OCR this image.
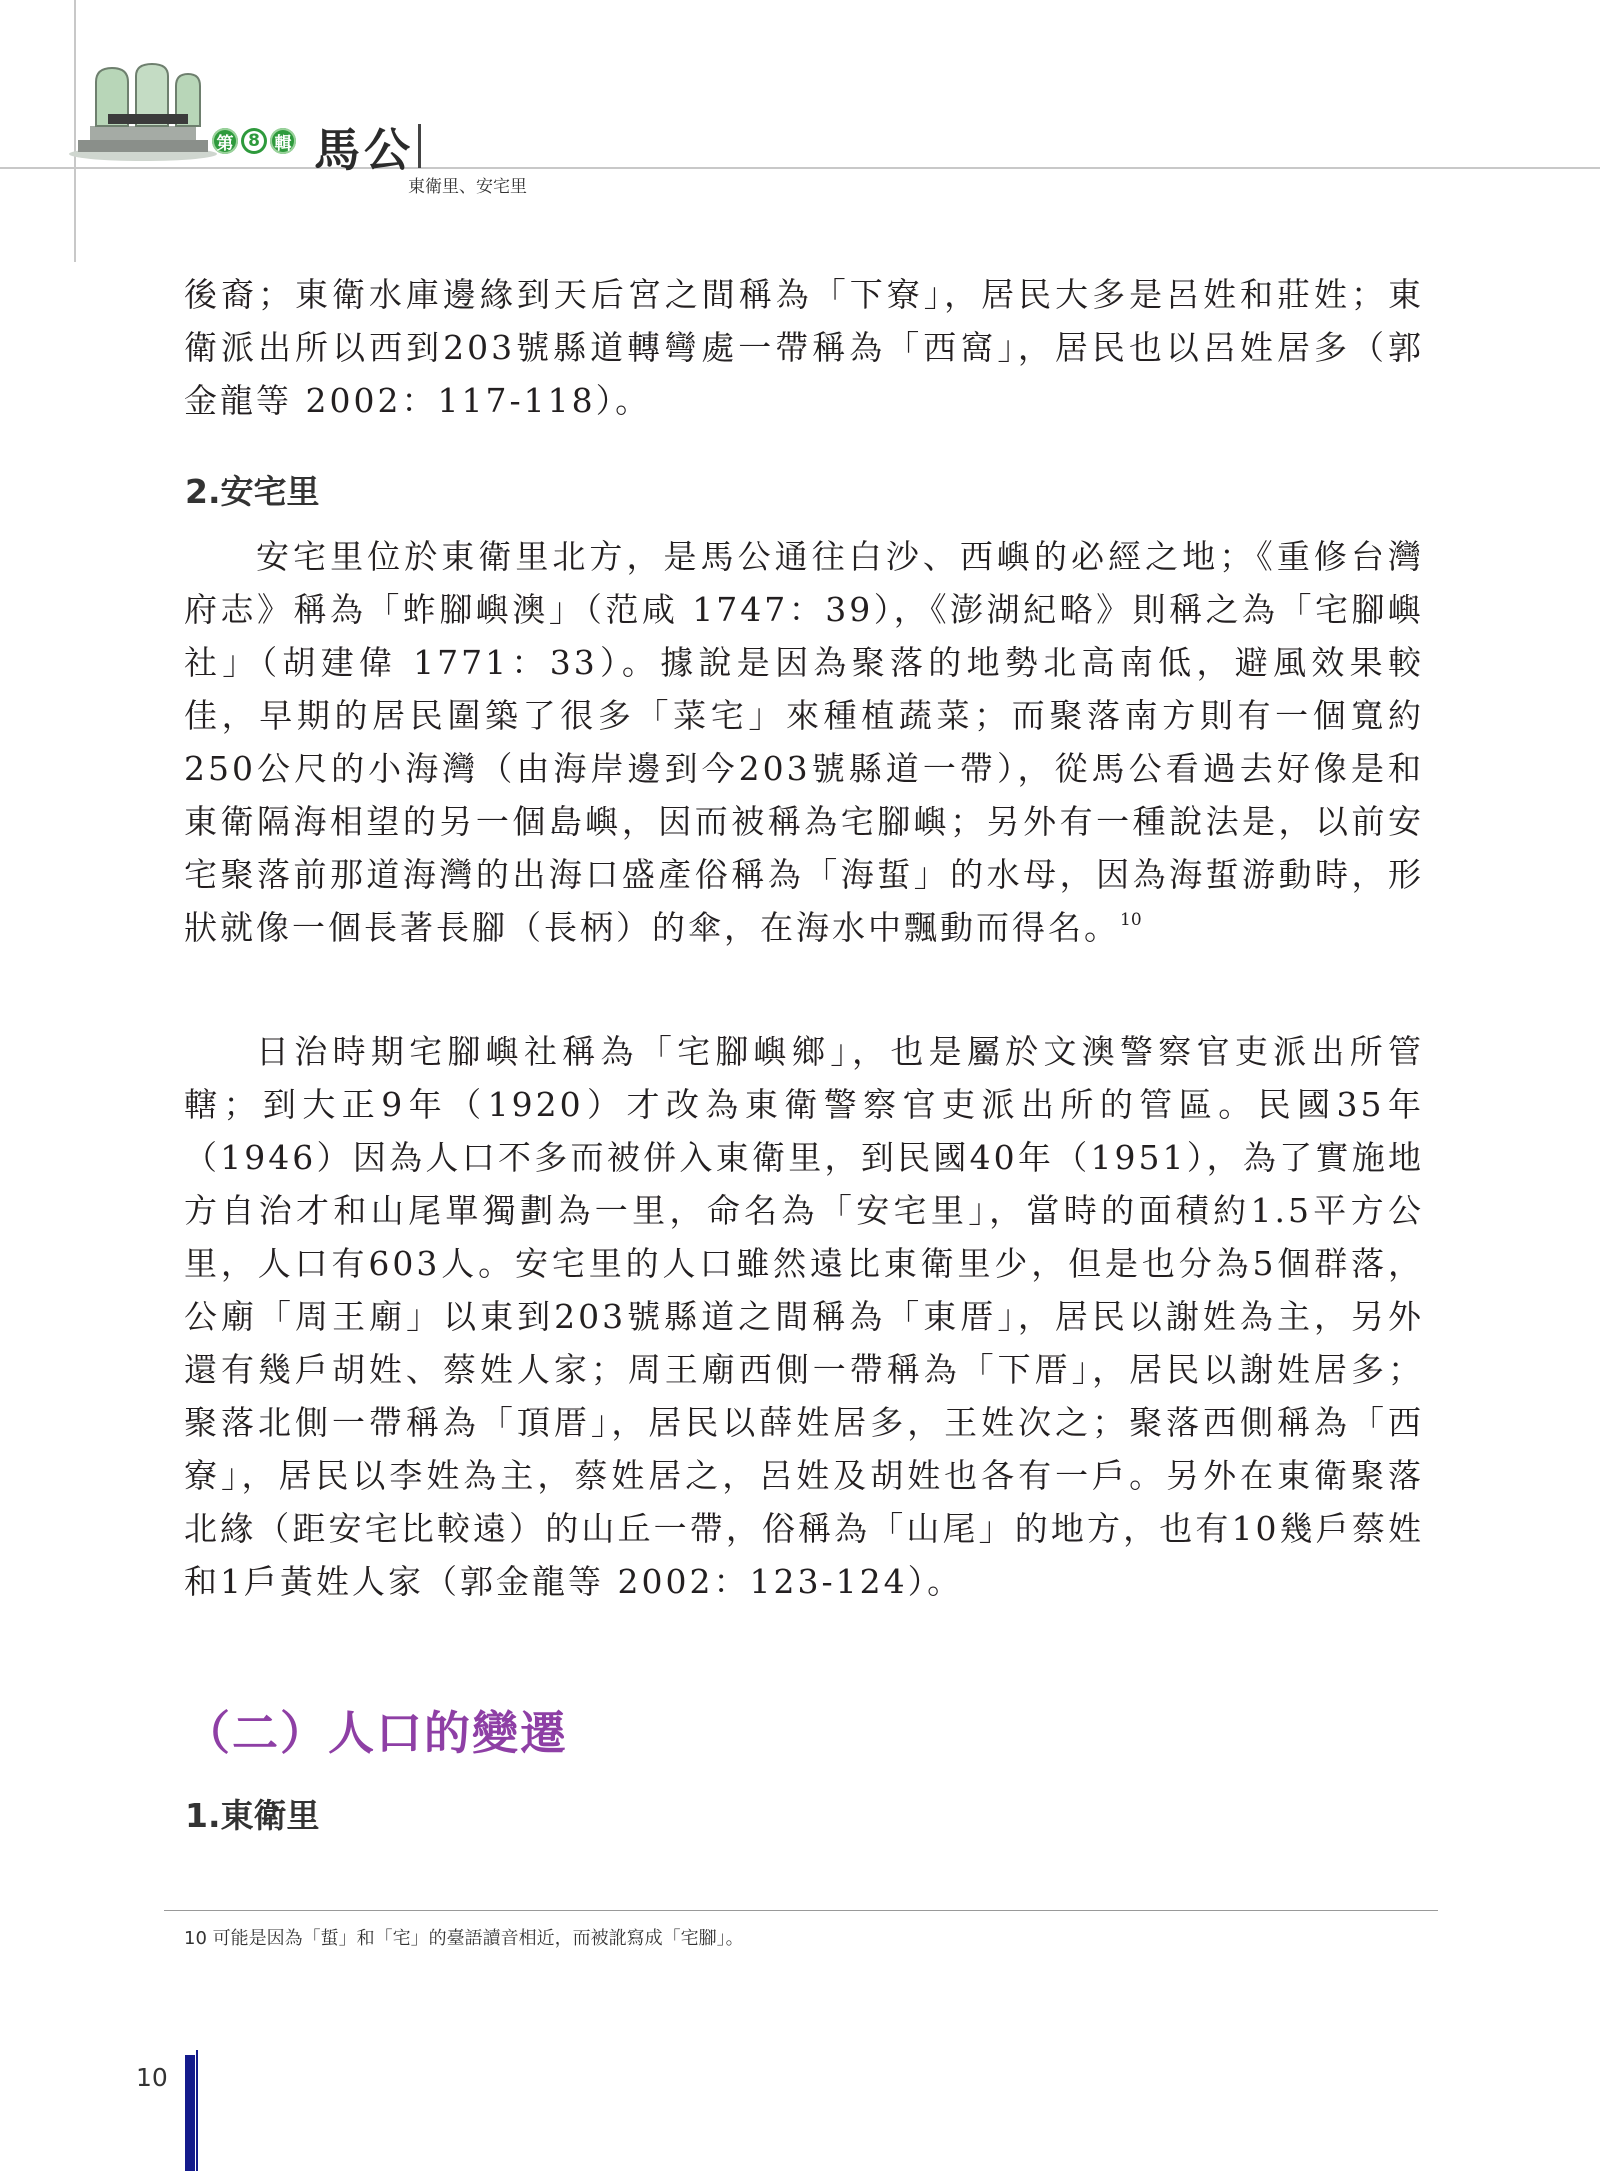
第 8 輯 馬公
東衛里、安宅里
後裔；東衛水庫邊緣到天后宮之間稱為「下寮」，居民大多是呂姓和莊姓；東衛派出所以西到203號縣道轉彎處一帶稱為「西窩」，居民也以呂姓居多（郭金龍等 2002：117-118）。
2.安宅里
安宅里位於東衛里北方，是馬公通往白沙、西嶼的必經之地；《重修台灣府志》稱為「蚱腳嶼澳」（范咸 1747：39），《澎湖紀略》則稱之為「宅腳嶼社」（胡建偉 1771：33）。據說是因為聚落的地勢北高南低，避風效果較佳，早期的居民圍築了很多「菜宅」來種植蔬菜；而聚落南方則有一個寬約250公尺的小海灣（由海岸邊到今203號縣道一帶），從馬公看過去好像是和東衛隔海相望的另一個島嶼，因而被稱為宅腳嶼；另外有一種說法是，以前安宅聚落前那道海灣的出海口盛產俗稱為「海蜇」的水母，因為海蜇游動時，形狀就像一個長著長腳（長柄）的傘，在海水中飄動而得名。$^{10}$
日治時期宅腳嶼社稱為「宅腳嶼鄉」，也是屬於文澳警察官吏派出所管轄；到大正9年（1920）才改為東衛警察官吏派出所的管區。民國35年（1946）因為人口不多而被併入東衛里，到民國40年（1951），為了實施地方自治才和山尾單獨劃為一里，命名為「安宅里」，當時的面積約1.5平方公里，人口有603人。安宅里的人口雖然遠比東衛里少，但是也分為5個群落，公廟「周王廟」以東到203號縣道之間稱為「東厝」，居民以謝姓為主，另外還有幾戶胡姓、蔡姓人家；周王廟西側一帶稱為「下厝」，居民以謝姓居多；聚落北側一帶稱為「頂厝」，居民以薛姓居多，王姓次之；聚落西側稱為「西寮」，居民以李姓為主，蔡姓居之，呂姓及胡姓也各有一戶。另外在東衛聚落北緣（距安宅比較遠）的山丘一帶，俗稱為「山尾」的地方，也有10幾戶蔡姓和1戶黃姓人家（郭金龍等 2002：123-124）。
（二）人口的變遷
1.東衛里
10 可能是因為「蜇」和「宅」的臺語讀音相近，而被訛寫成「宅腳」。
10
